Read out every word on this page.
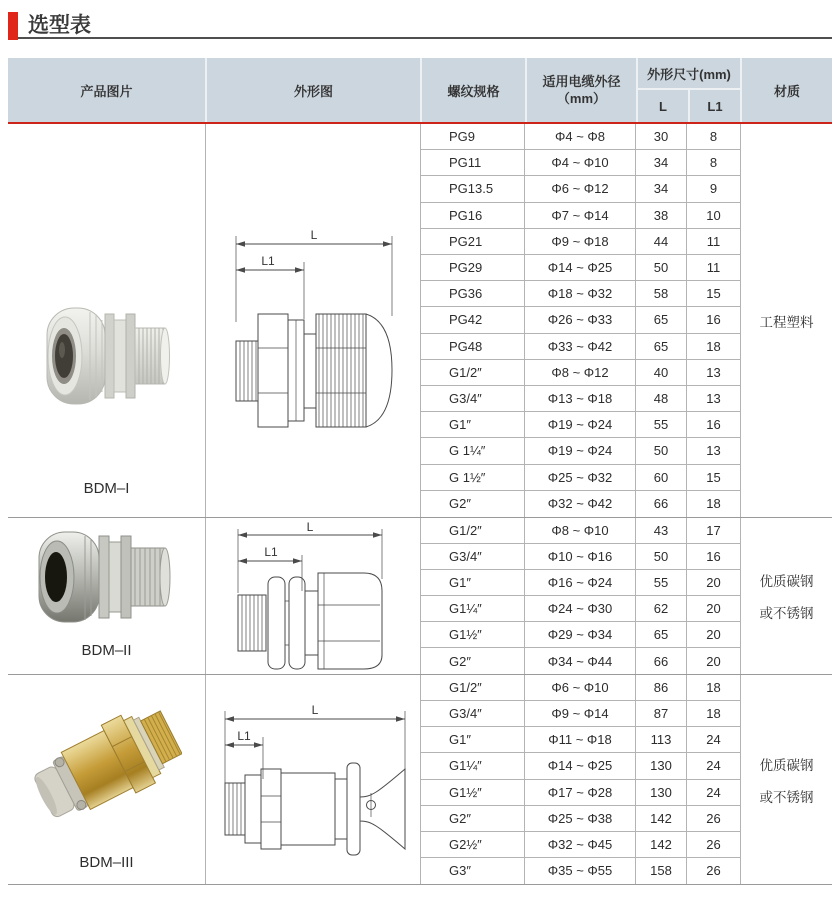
选型表
产品图片	外形图	螺纹规格
适用电缆外径
（mm）
外形尺寸(mm)
L	L1
材质
BDM–I
L
L1
PG9	Φ4 ~ Φ8	30	8
PG11	Φ4 ~ Φ10	34	8
PG13.5	Φ6 ~ Φ12	34	9
PG16	Φ7 ~ Φ14	38	10
PG21	Φ9 ~ Φ18	44	11
PG29	Φ14 ~ Φ25	50	11
PG36	Φ18 ~ Φ32	58	15
PG42	Φ26 ~ Φ33	65	16
PG48	Φ33 ~ Φ42	65	18
G1/2″	Φ8 ~ Φ12	40	13
G3/4″	Φ13 ~ Φ18	48	13
G1″	Φ19 ~ Φ24	55	16
G 1¼″	Φ19 ~ Φ24	50	13
G 1½″	Φ25 ~ Φ32	60	15
G2″	Φ32 ~ Φ42	66	18
工程塑料
BDM–II
L
L1
G1/2″	Φ8 ~ Φ10	43	17
G3/4″	Φ10 ~ Φ16	50	16
G1″	Φ16 ~ Φ24	55	20
G1¼″	Φ24 ~ Φ30	62	20
G1½″	Φ29 ~ Φ34	65	20
G2″	Φ34 ~ Φ44	66	20
优质碳钢
或不锈钢
BDM–III
L
L1
G1/2″	Φ6 ~ Φ10	86	18
G3/4″	Φ9 ~ Φ14	87	18
G1″	Φ11 ~ Φ18	113	24
G1¼″	Φ14 ~ Φ25	130	24
G1½″	Φ17 ~ Φ28	130	24
G2″	Φ25 ~ Φ38	142	26
G2½″	Φ32 ~ Φ45	142	26
G3″	Φ35 ~ Φ55	158	26
优质碳钢
或不锈钢
